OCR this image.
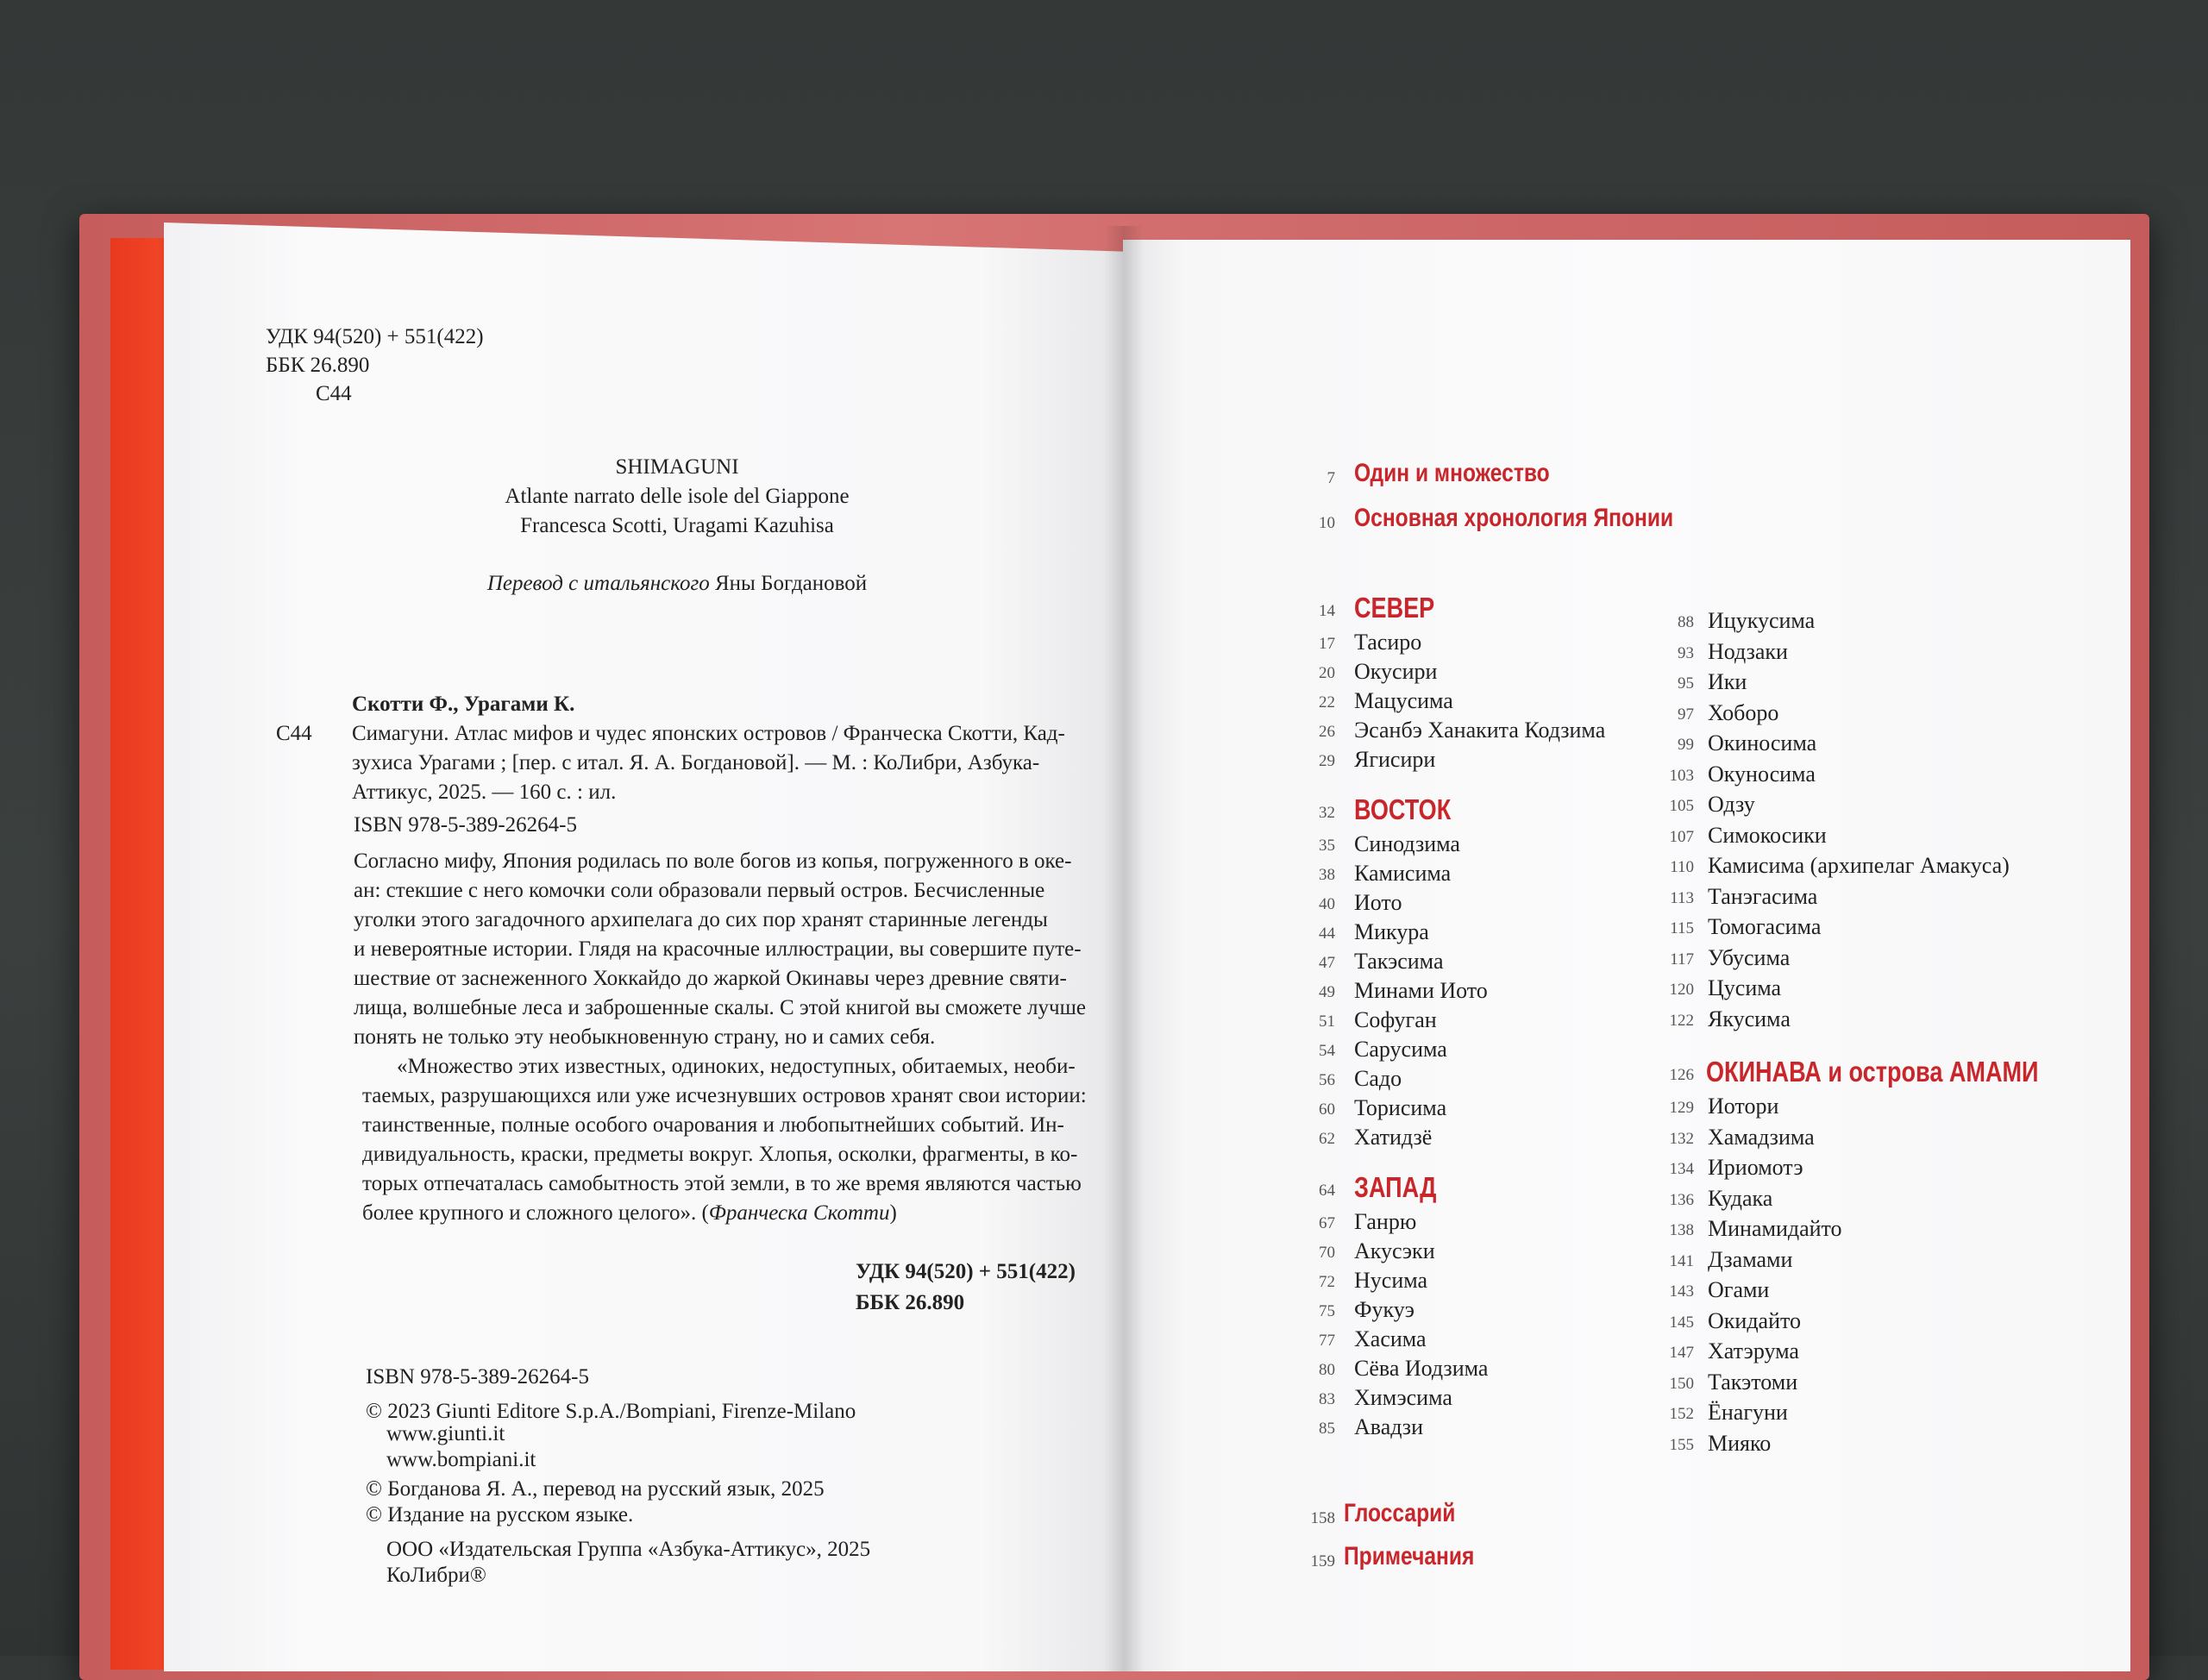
УДК 94(520) + 551(422)
ББК 26.890
С44
SHIMAGUNI
Atlante narrato delle isole del Giappone
Francesca Scotti, Uragami Kazuhisa
Перевод с итальянского Яны Богдановой
Скотти Ф., Урагами К.
С44 Симагуни. Атлас мифов и чудес японских островов / Франческа Скотти, Кад-
зухиса Урагами ; [пер. с итал. Я. А. Богдановой]. — М. : КоЛибри, Азбука-
Аттикус, 2025. — 160 с. : ил.
ISBN 978-5-389-26264-5
Согласно мифу, Япония родилась по воле богов из копья, погруженного в оке-
ан: стекшие с него комочки соли образовали первый остров. Бесчисленные
уголки этого загадочного архипелага до сих пор хранят старинные легенды
и невероятные истории. Глядя на красочные иллюстрации, вы совершите путе-
шествие от заснеженного Хоккайдо до жаркой Окинавы через древние святи-
лища, волшебные леса и заброшенные скалы. С этой книгой вы сможете лучше
понять не только эту необыкновенную страну, но и самих себя.
«Множество этих известных, одиноких, недоступных, обитаемых, необи-
таемых, разрушающихся или уже исчезнувших островов хранят свои истории:
таинственные, полные особого очарования и любопытнейших событий. Ин-
дивидуальность, краски, предметы вокруг. Хлопья, осколки, фрагменты, в ко-
торых отпечаталась самобытность этой земли, в то же время являются частью
более крупного и сложного целого». (Франческа Скотти)
УДК 94(520) + 551(422)
ББК 26.890
ISBN 978-5-389-26264-5
© 2023 Giunti Editore S.p.A./Bompiani, Firenze-Milano
www.giunti.it
www.bompiani.it
© Богданова Я. А., перевод на русский язык, 2025
© Издание на русском языке.
ООО «Издательская Группа «Азбука-Аттикус», 2025
КоЛибри®
7 Один и множество
10 Основная хронология Японии
14 СЕВЕР
17 Тасиро
20 Окусири
22 Мацусима
26 Эсанбэ Ханакита Кодзима
29 Ягисири
32 ВОСТОК
35 Синодзима
38 Камисима
40 Иото
44 Микура
47 Такэсима
49 Минами Иото
51 Софуган
54 Сарусима
56 Садо
60 Торисима
62 Хатидзё
64 ЗАПАД
67 Ганрю
70 Акусэки
72 Нусима
75 Фукуэ
77 Хасима
80 Сёва Иодзима
83 Химэсима
85 Авадзи
88 Ицукусима
93 Нодзаки
95 Ики
97 Хоборо
99 Окиносима
103 Окуносима
105 Одзу
107 Симокосики
110 Камисима (архипелаг Амакуса)
113 Танэгасима
115 Томогасима
117 Убусима
120 Цусима
122 Якусима
126 ОКИНАВА и острова АМАМИ
129 Иотори
132 Хамадзима
134 Ириомотэ
136 Кудака
138 Минамидайто
141 Дзамами
143 Огами
145 Окидайто
147 Хатэрума
150 Такэтоми
152 Ёнагуни
155 Мияко
158 Глоссарий
159 Примечания
